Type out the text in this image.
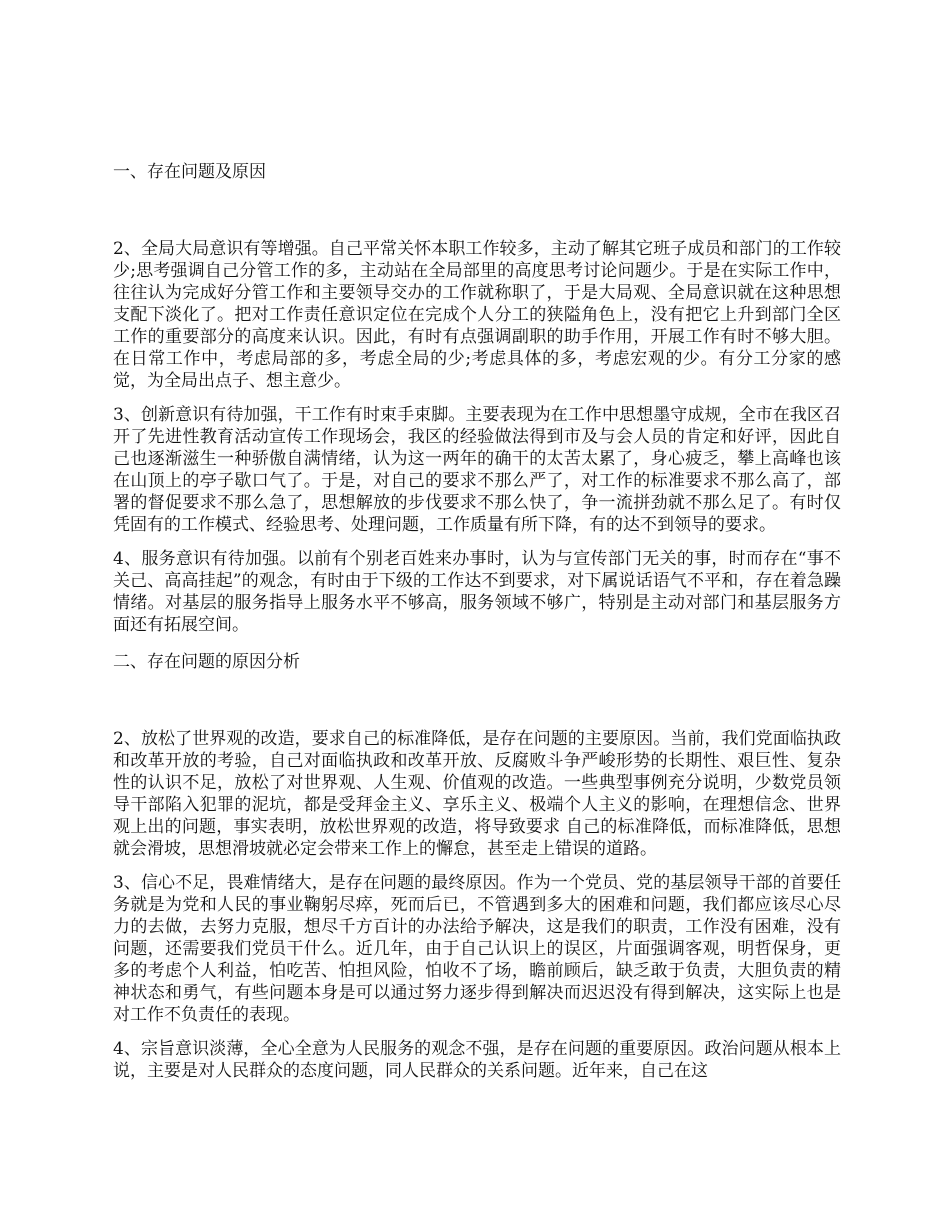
一、存在问题及原因

2、全局大局意识有等增强。自己平常关怀本职工作较多，主动了解其它班子成员和部门的工作较少;思考强调自己分管工作的多，主动站在全局部里的高度思考讨论问题少。于是在实际工作中，往往认为完成好分管工作和主要领导交办的工作就称职了，于是大局观、全局意识就在这种思想支配下淡化了。把对工作责任意识定位在完成个人分工的狭隘角色上，没有把它上升到部门全区工作的重要部分的高度来认识。因此，有时有点强调副职的助手作用，开展工作有时不够大胆。在日常工作中，考虑局部的多，考虑全局的少;考虑具体的多，考虑宏观的少。有分工分家的感觉，为全局出点子、想主意少。

3、创新意识有待加强，干工作有时束手束脚。主要表现为在工作中思想墨守成规，全市在我区召开了先进性教育活动宣传工作现场会，我区的经验做法得到市及与会人员的肯定和好评，因此自己也逐渐滋生一种骄傲自满情绪，认为这一两年的确干的太苦太累了，身心疲乏，攀上高峰也该在山顶上的亭子歇口气了。于是，对自己的要求不那么严了，对工作的标准要求不那么高了，部署的督促要求不那么急了，思想解放的步伐要求不那么快了，争一流拼劲就不那么足了。有时仅凭固有的工作模式、经验思考、处理问题，工作质量有所下降，有的达不到领导的要求。

4、服务意识有待加强。以前有个别老百姓来办事时，认为与宣传部门无关的事，时而存在“事不关己、高高挂起”的观念，有时由于下级的工作达不到要求，对下属说话语气不平和，存在着急躁情绪。对基层的服务指导上服务水平不够高，服务领域不够广，特别是主动对部门和基层服务方面还有拓展空间。

二、存在问题的原因分析

2、放松了世界观的改造，要求自己的标准降低，是存在问题的主要原因。当前，我们党面临执政和改革开放的考验，自己对面临执政和改革开放、反腐败斗争严峻形势的长期性、艰巨性、复杂性的认识不足，放松了对世界观、人生观、价值观的改造。一些典型事例充分说明，少数党员领导干部陷入犯罪的泥坑，都是受拜金主义、享乐主义、极端个人主义的影响，在理想信念、世界观上出的问题，事实表明，放松世界观的改造，将导致要求 自己的标准降低，而标准降低，思想就会滑坡，思想滑坡就必定会带来工作上的懈怠，甚至走上错误的道路。

3、信心不足，畏难情绪大，是存在问题的最终原因。作为一个党员、党的基层领导干部的首要任务就是为党和人民的事业鞠躬尽瘁，死而后已，不管遇到多大的困难和问题，我们都应该尽心尽力的去做，去努力克服，想尽千方百计的办法给予解决，这是我们的职责，工作没有困难，没有问题，还需要我们党员干什么。近几年，由于自己认识上的误区，片面强调客观，明哲保身，更多的考虑个人利益，怕吃苦、怕担风险，怕收不了场，瞻前顾后，缺乏敢于负责，大胆负责的精神状态和勇气，有些问题本身是可以通过努力逐步得到解决而迟迟没有得到解决，这实际上也是对工作不负责任的表现。

4、宗旨意识淡薄，全心全意为人民服务的观念不强，是存在问题的重要原因。政治问题从根本上说，主要是对人民群众的态度问题，同人民群众的关系问题。近年来，自己在这
